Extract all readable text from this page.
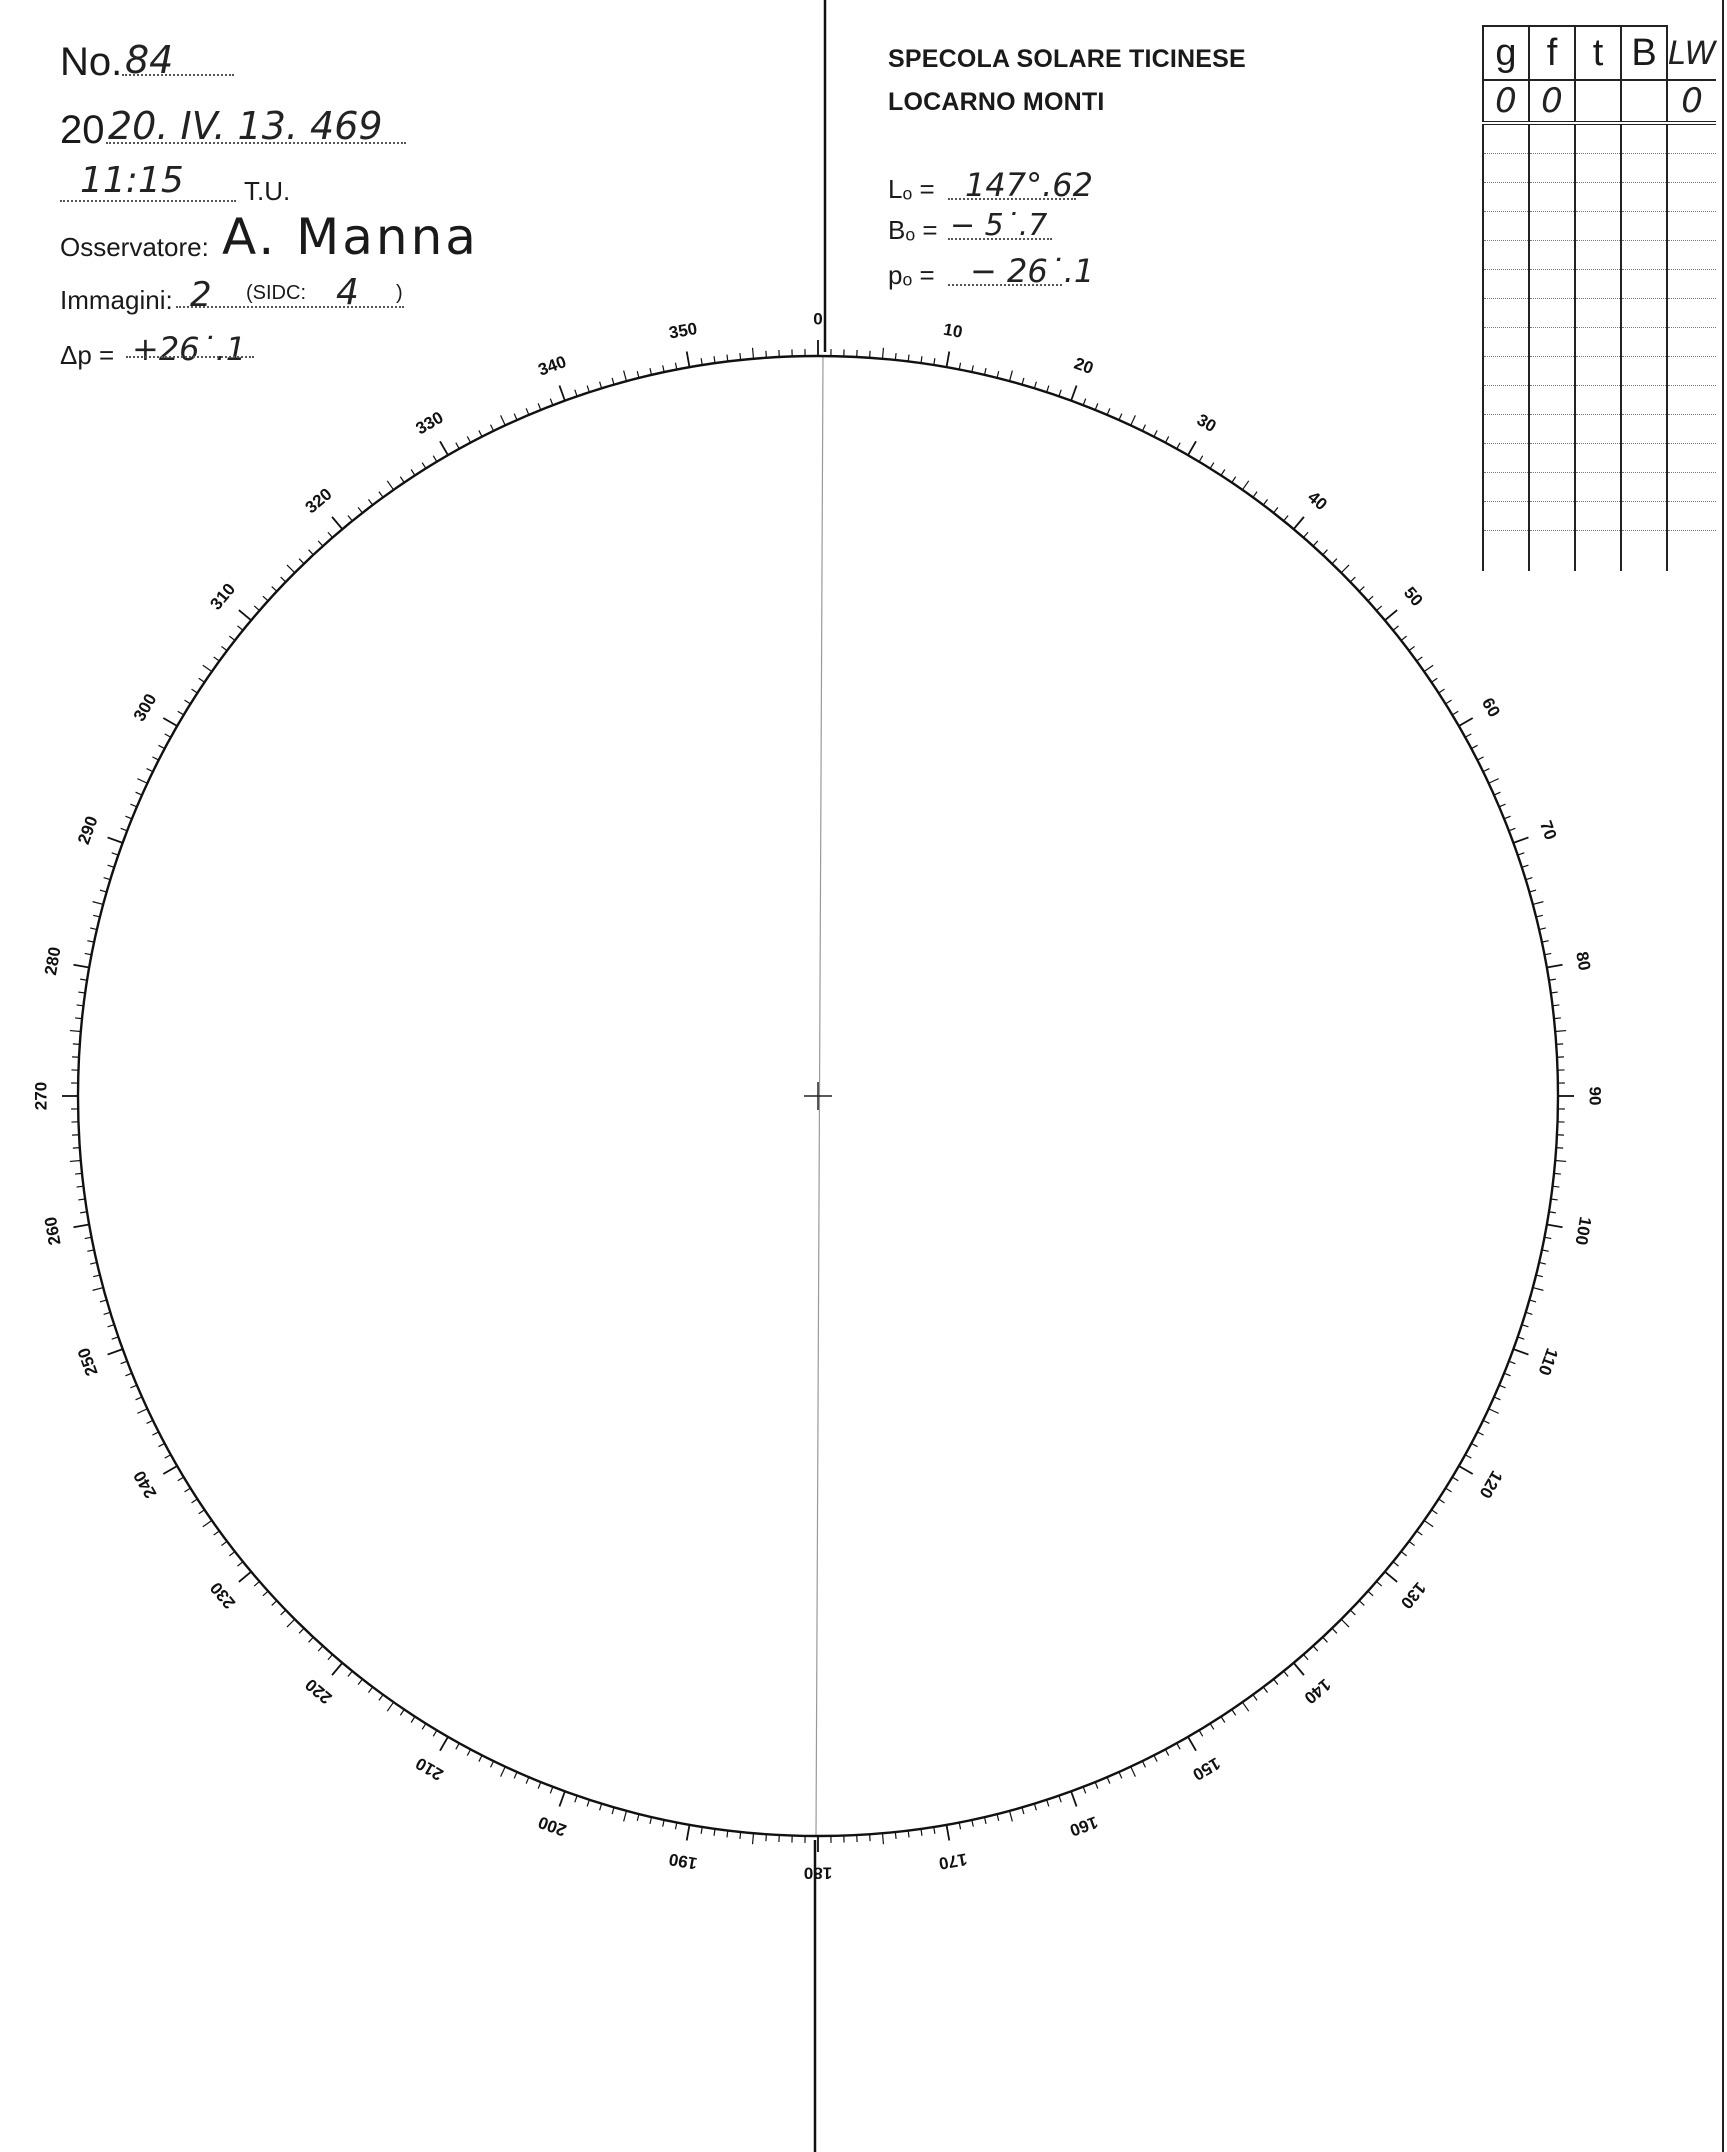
No. 84
20 20. IV. 13. 469
11:15 T.U.
Osservatore: A. Manna
Immagini: 2 (SIDC: 4 )
Δp = +26˙.1
SPECOLA SOLARE TICINESE
LOCARNO MONTI
Lₒ = 147°.62
Bₒ = − 5˙.7
pₒ = − 26˙.1
g	f	t	B	LW
0	0			0

0
10
20
30
40
50
60
70
80
90
100
110
120
130
140
150
160
170
180
190
200
210
220
230
240
250
260
270
280
290
300
310
320
330
340
350
